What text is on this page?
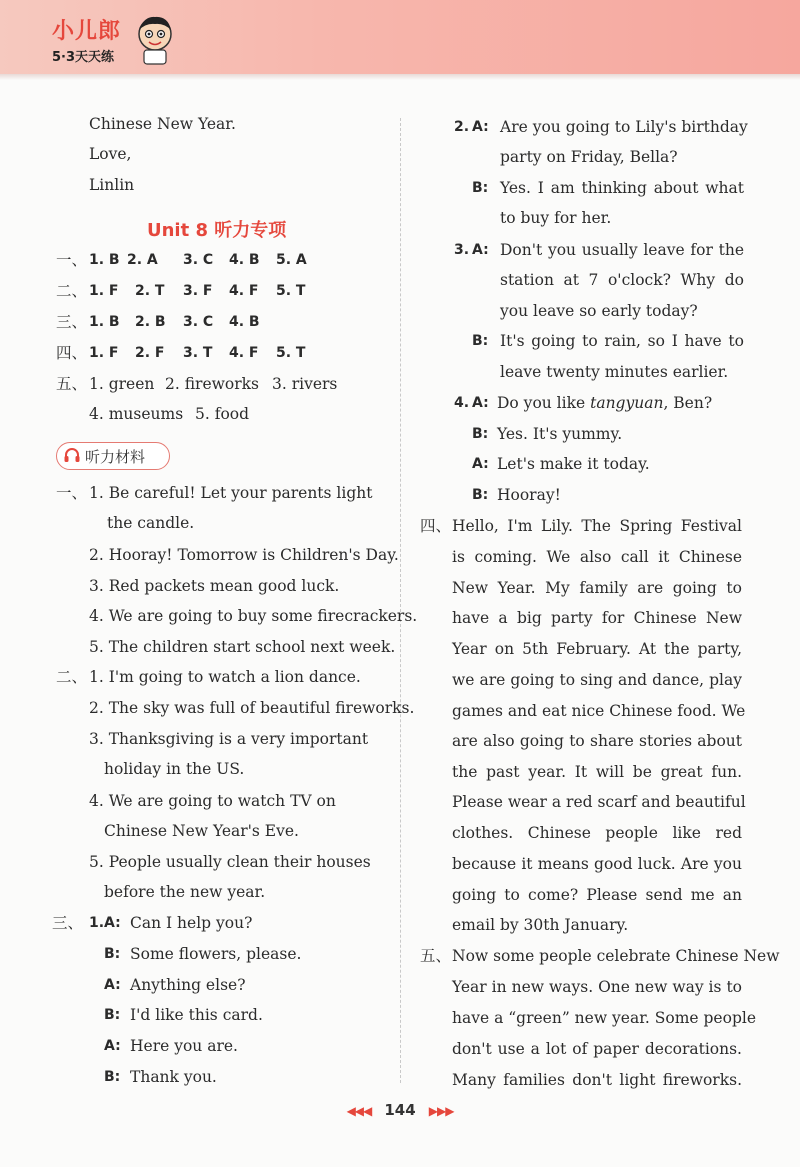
小儿郎
5·3天天练
Chinese New Year.
Love,
Linlin
Unit 8 听力专项
一、 1. B 2. A 3. C 4. B 5. A
二、 1. F 2. T 3. F 4. F 5. T
三、 1. B 2. B 3. C 4. B
四、 1. F 2. F 3. T 4. F 5. T
五、 1. green 2. fireworks 3. rivers
4. museums 5. food
听力材料
一、 1. Be careful! Let your parents light
the candle.
2. Hooray! Tomorrow is Children's Day.
3. Red packets mean good luck.
4. We are going to buy some firecrackers.
5. The children start school next week.
二、 1. I'm going to watch a lion dance.
2. The sky was full of beautiful fireworks.
3. Thanksgiving is a very important
holiday in the US.
4. We are going to watch TV on
Chinese New Year's Eve.
5. People usually clean their houses
before the new year.
三、 1. A: Can I help you?
B: Some flowers, please.
A: Anything else?
B: I'd like this card.
A: Here you are.
B: Thank you.
2. A: Are you going to Lily's birthday
party on Friday, Bella?
B: Yes. I am thinking about what
to buy for her.
3. A: Don't you usually leave for the
station at 7 o'clock? Why do
you leave so early today?
B: It's going to rain, so I have to
leave twenty minutes earlier.
4. A: Do you like tangyuan, Ben?
B: Yes. It's yummy.
A: Let's make it today.
B: Hooray!
四、 Hello, I'm Lily. The Spring Festival
is coming. We also call it Chinese
New Year. My family are going to
have a big party for Chinese New
Year on 5th February. At the party,
we are going to sing and dance, play
games and eat nice Chinese food. We
are also going to share stories about
the past year. It will be great fun.
Please wear a red scarf and beautiful
clothes. Chinese people like red
because it means good luck. Are you
going to come? Please send me an
email by 30th January.
五、 Now some people celebrate Chinese New
Year in new ways. One new way is to
have a “green” new year. Some people
don't use a lot of paper decorations.
Many families don't light fireworks.
◀◀◀ 144 ▶▶▶
